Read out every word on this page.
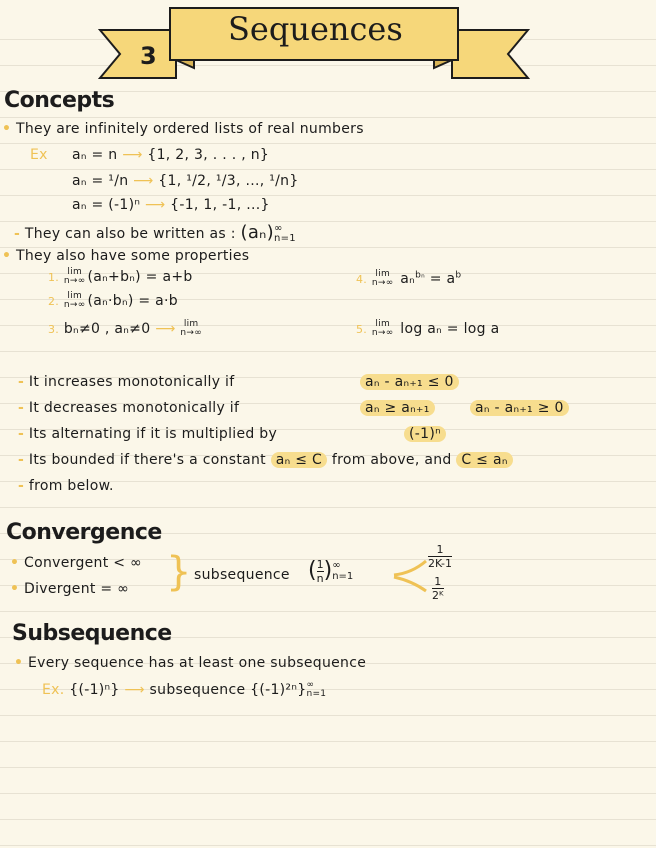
3
Sequences
Concepts
• They are infinitely ordered lists of real numbers
Ex aₙ = n ⟶ {1, 2, 3, . . . , n}
aₙ = ¹/n ⟶ {1, ¹/2, ¹/3, ..., ¹/n}
aₙ = (-1)ⁿ ⟶ {-1, 1, -1, ...}
- They can also be written as : (aₙ) ∞
n=1
• They also have some properties
1. lim
n→∞ (aₙ+bₙ) = a+b
2. lim
n→∞ (aₙ·bₙ) = a·b
3. bₙ≠0 , aₙ≠0 ⟶ lim
n→∞
4. lim
n→∞ $a_n^{b_n} = a^b$
5. lim
n→∞ log aₙ = log a
- It increases monotonically if	aₙ - aₙ₊₁ ≤ 0
- It decreases monotonically if	aₙ ≥ aₙ₊₁	aₙ - aₙ₊₁ ≥ 0
- Its alternating if it is multiplied by	(-1)ⁿ
- Its bounded if there's a constant aₙ ≤ C from above, and C ≤ aₙ
- from below.
Convergence
• Convergent < ∞
• Divergent = ∞ } subsequence ( $\frac{1}{n}$ ) ∞
n=1
$\frac{1}{2K-1}$
$\frac{1}{\text{2ᴷ}}$
Subsequence
• Every sequence has at least one subsequence
Ex. {(-1)ⁿ} ⟶ subsequence {(-1)²ⁿ} ∞
n=1
